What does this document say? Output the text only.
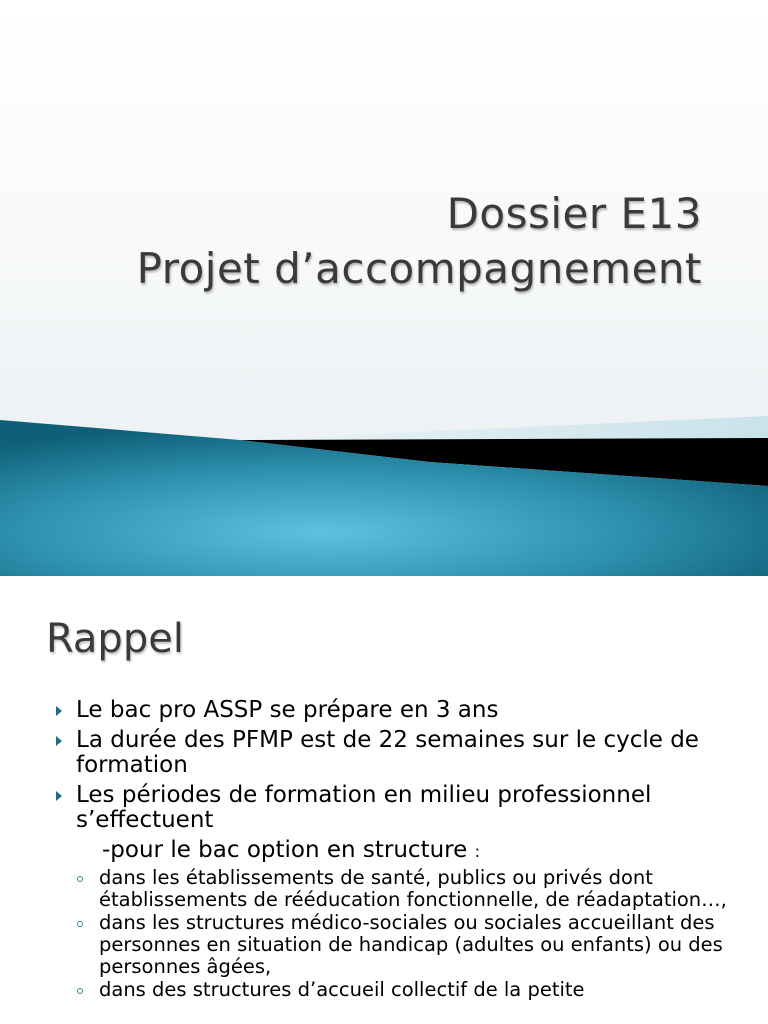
Dossier E13
Projet d’accompagnement
Rappel
Le bac pro ASSP se prépare en 3 ans
La durée des PFMP est de 22 semaines sur le cycle de formation
Les périodes de formation en milieu professionnel s’effectuent
-pour le bac option en structure :
dans les établissements de santé, publics ou privés dont établissements de rééducation fonctionnelle, de réadaptation…,
dans les structures médico-sociales ou sociales accueillant des personnes en situation de handicap (adultes ou enfants) ou des personnes âgées,
dans des structures d’accueil collectif de la petite
